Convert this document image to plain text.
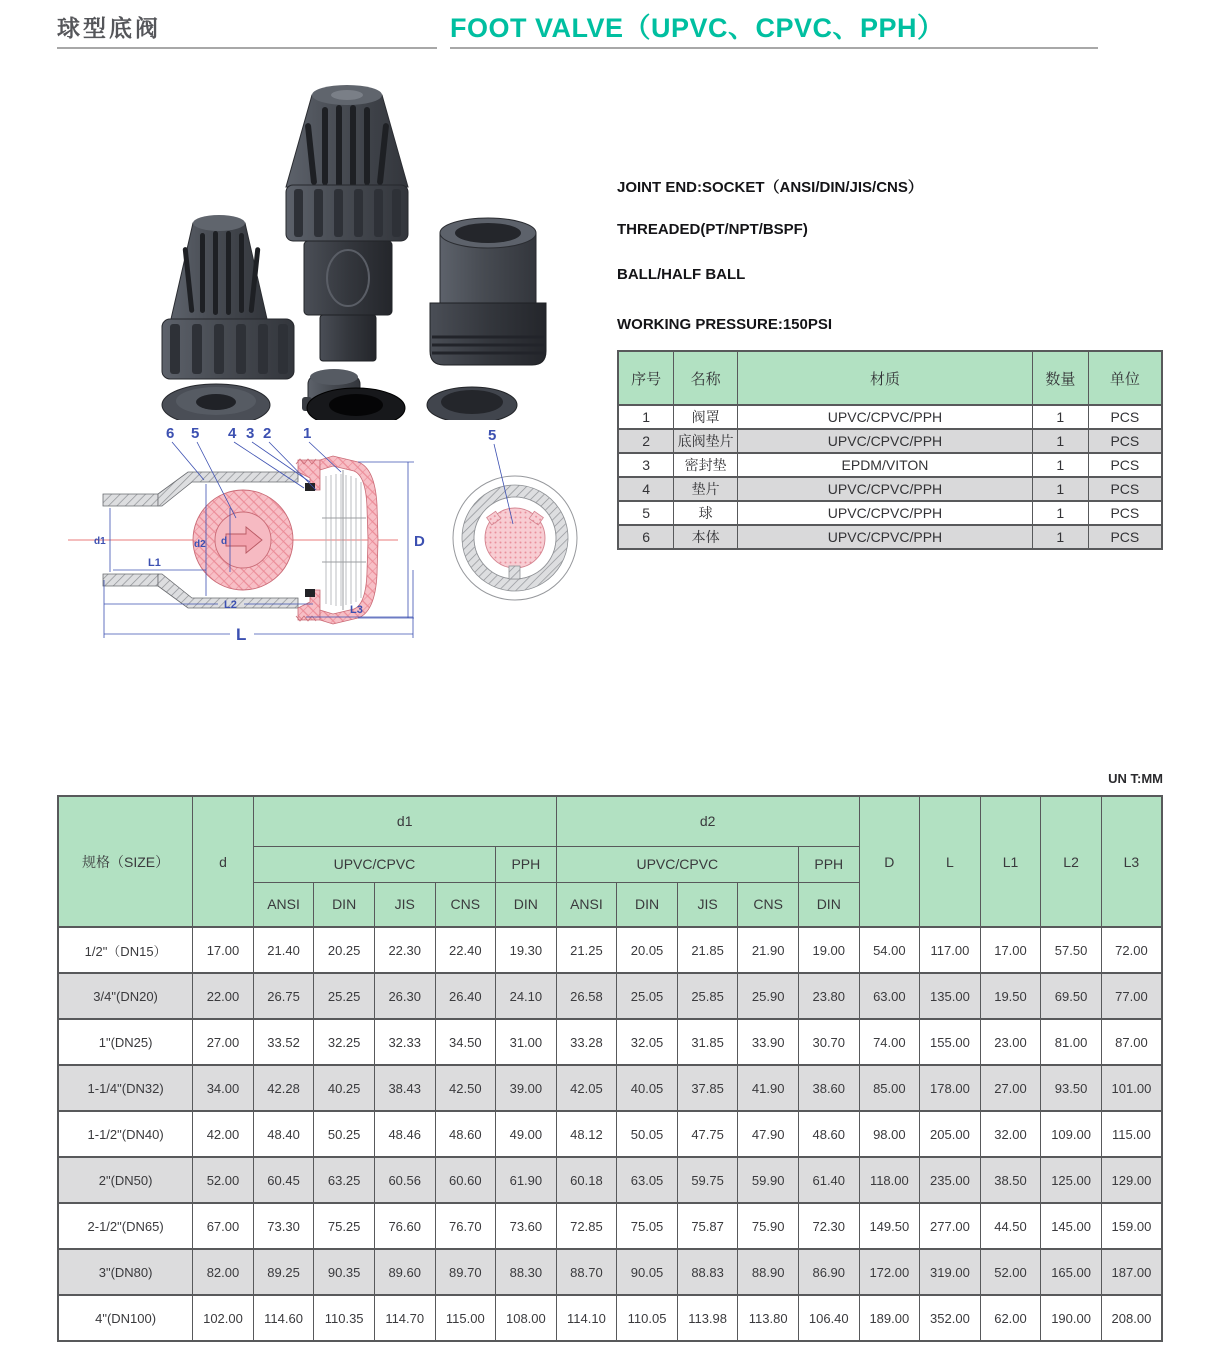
球型底阀	FOOT VALVE（UPVC、CPVC、PPH）
6 5 4 3 2 1
d1	d2 d
L1
L2	L3
L
D
5
JOINT END:SOCKET（ANSI/DIN/JIS/CNS）
THREADED(PT/NPT/BSPF)
BALL/HALF BALL
WORKING PRESSURE:150PSI
序号	名称	材质	数量	单位
1	阀罩	UPVC/CPVC/PPH	1	PCS
2	底阀垫片	UPVC/CPVC/PPH	1	PCS
3	密封垫	EPDM/VITON	1	PCS
4	垫片	UPVC/CPVC/PPH	1	PCS
5	球	UPVC/CPVC/PPH	1	PCS
6	本体	UPVC/CPVC/PPH	1	PCS
UN T:MM
规格（SIZE）	d	d1					d2					D	L	L1	L2	L3
		UPVC/CPVC				PPH	UPVC/CPVC				PPH					
		ANSI	DIN	JIS	CNS	DIN	ANSI	DIN	JIS	CNS	DIN					
1/2"（DN15）	17.00	21.40	20.25	22.30	22.40	19.30	21.25	20.05	21.85	21.90	19.00	54.00	117.00	17.00	57.50	72.00
3/4"(DN20)	22.00	26.75	25.25	26.30	26.40	24.10	26.58	25.05	25.85	25.90	23.80	63.00	135.00	19.50	69.50	77.00
1"(DN25)	27.00	33.52	32.25	32.33	34.50	31.00	33.28	32.05	31.85	33.90	30.70	74.00	155.00	23.00	81.00	87.00
1-1/4"(DN32)	34.00	42.28	40.25	38.43	42.50	39.00	42.05	40.05	37.85	41.90	38.60	85.00	178.00	27.00	93.50	101.00
1-1/2"(DN40)	42.00	48.40	50.25	48.46	48.60	49.00	48.12	50.05	47.75	47.90	48.60	98.00	205.00	32.00	109.00	115.00
2"(DN50)	52.00	60.45	63.25	60.56	60.60	61.90	60.18	63.05	59.75	59.90	61.40	118.00	235.00	38.50	125.00	129.00
2-1/2"(DN65)	67.00	73.30	75.25	76.60	76.70	73.60	72.85	75.05	75.87	75.90	72.30	149.50	277.00	44.50	145.00	159.00
3"(DN80)	82.00	89.25	90.35	89.60	89.70	88.30	88.70	90.05	88.83	88.90	86.90	172.00	319.00	52.00	165.00	187.00
4"(DN100)	102.00	114.60	110.35	114.70	115.00	108.00	114.10	110.05	113.98	113.80	106.40	189.00	352.00	62.00	190.00	208.00
